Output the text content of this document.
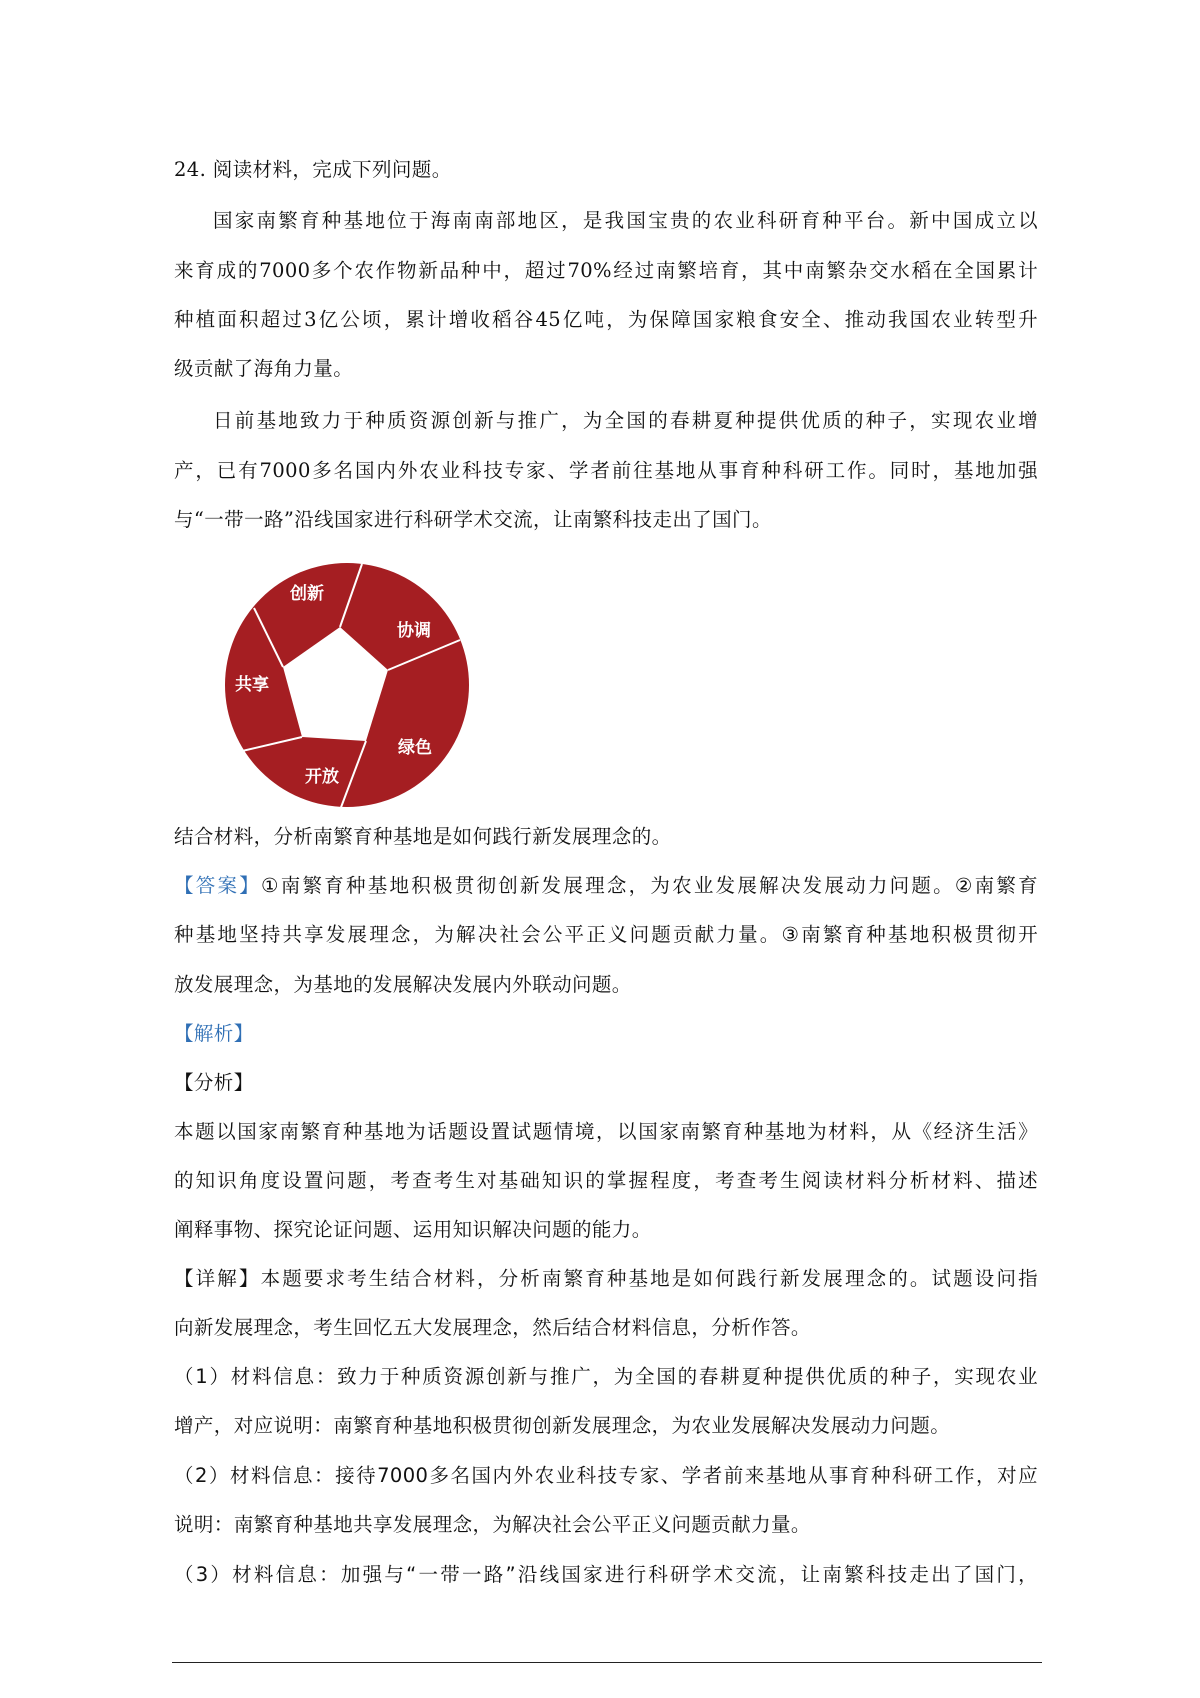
24. 阅读材料，完成下列问题。
国家南繁育种基地位于海南南部地区，是我国宝贵的农业科研育种平台。新中国成立以
来育成的7000多个农作物新品种中，超过70%经过南繁培育，其中南繁杂交水稻在全国累计
种植面积超过3亿公顷，累计增收稻谷45亿吨，为保障国家粮食安全、推动我国农业转型升
级贡献了海角力量。
日前基地致力于种质资源创新与推广，为全国的春耕夏种提供优质的种子，实现农业增
产，已有7000多名国内外农业科技专家、学者前往基地从事育种科研工作。同时，基地加强
与“一带一路”沿线国家进行科研学术交流，让南繁科技走出了国门。
创新
协调
绿色
开放
共享
结合材料，分析南繁育种基地是如何践行新发展理念的。
【答案】①南繁育种基地积极贯彻创新发展理念，为农业发展解决发展动力问题。②南繁育
种基地坚持共享发展理念，为解决社会公平正义问题贡献力量。③南繁育种基地积极贯彻开
放发展理念，为基地的发展解决发展内外联动问题。
【解析】
【分析】
本题以国家南繁育种基地为话题设置试题情境，以国家南繁育种基地为材料，从《经济生活》
的知识角度设置问题，考查考生对基础知识的掌握程度，考查考生阅读材料分析材料、描述
阐释事物、探究论证问题、运用知识解决问题的能力。
【详解】本题要求考生结合材料，分析南繁育种基地是如何践行新发展理念的。试题设问指
向新发展理念，考生回忆五大发展理念，然后结合材料信息，分析作答。
（1）材料信息：致力于种质资源创新与推广，为全国的春耕夏种提供优质的种子，实现农业
增产，对应说明：南繁育种基地积极贯彻创新发展理念，为农业发展解决发展动力问题。
（2）材料信息：接待7000多名国内外农业科技专家、学者前来基地从事育种科研工作，对应
说明：南繁育种基地共享发展理念，为解决社会公平正义问题贡献力量。
（3）材料信息：加强与“一带一路”沿线国家进行科研学术交流，让南繁科技走出了国门，
